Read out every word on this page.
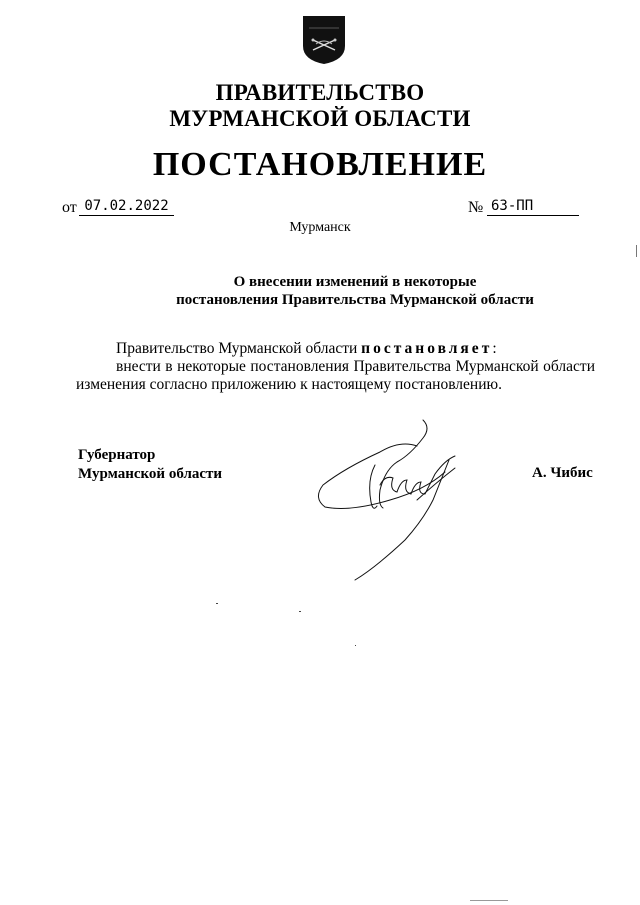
ПРАВИТЕЛЬСТВО
МУРМАНСКОЙ ОБЛАСТИ
ПОСТАНОВЛЕНИЕ
от 07.02.2022	№ 63-ПП
Мурманск
О внесении изменений в некоторые
постановления Правительства Мурманской области

Правительство Мурманской области постановляет:

внести в некоторые постановления Правительства Мурманской области изменения согласно приложению к настоящему постановлению.

Губернатор
Мурманской области	А. Чибис
